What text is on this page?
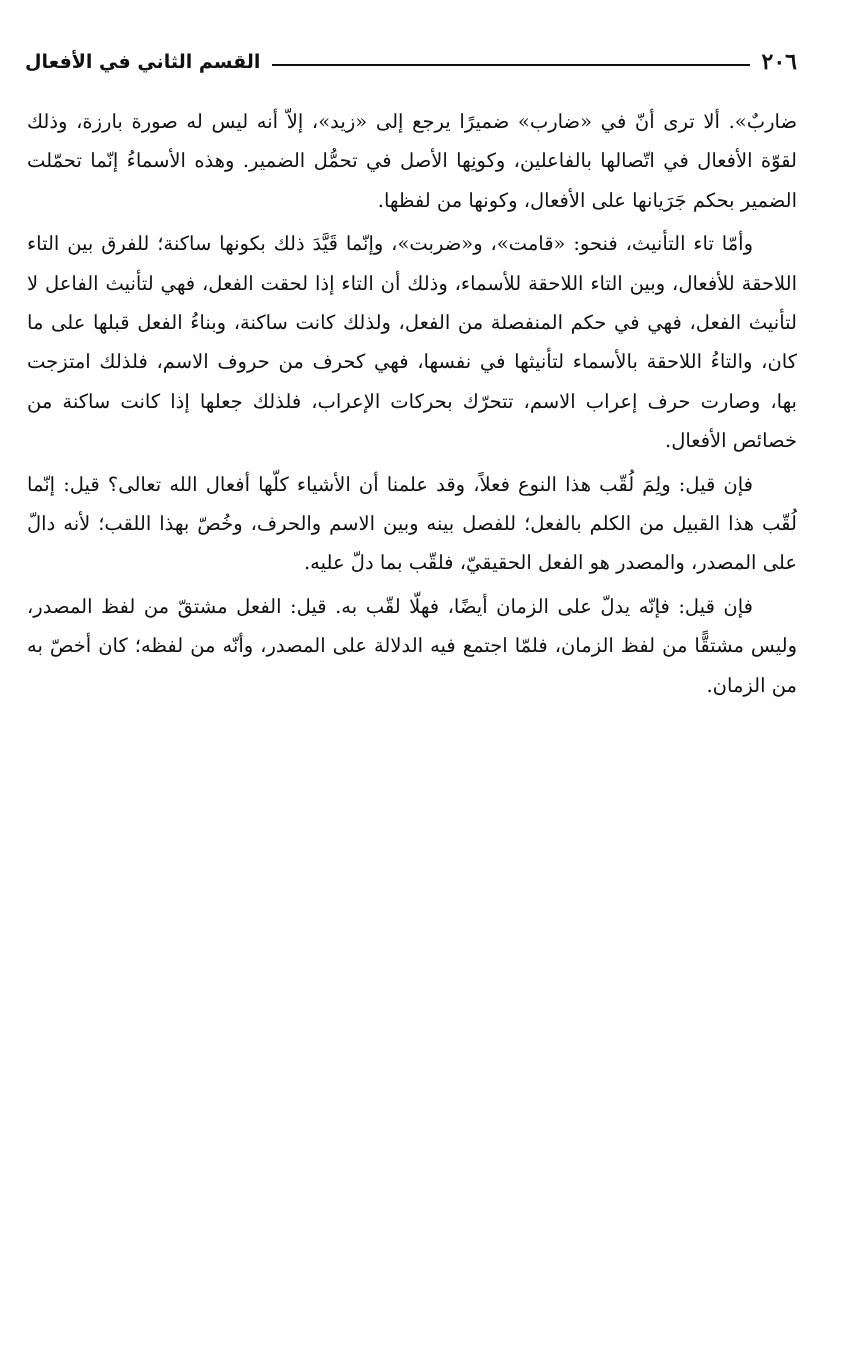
٢٠٦
القسم الثاني في الأفعال

ضاربٌ». ألا ترى أنّ في «ضارب» ضميرًا يرجع إلى «زيد»، إلاّ أنه ليس له صورة بارزة، وذلك لقوّة الأفعال في اتّصالها بالفاعلين، وكونِها الأصل في تحمُّل الضمير. وهذه الأسماءُ إنّما تحمّلت الضمير بحكم جَرَيانها على الأفعال، وكونها من لفظها.

وأمّا تاء التأنيث، فنحو: «قامت»، و«ضربت»، وإنّما قَيَّدَ ذلك بكونها ساكنة؛ للفرق بين التاء اللاحقة للأفعال، وبين التاء اللاحقة للأسماء، وذلك أن التاء إذا لحقت الفعل، فهي لتأنيث الفاعل لا لتأنيث الفعل، فهي في حكم المنفصلة من الفعل، ولذلك كانت ساكنة، وبناءُ الفعل قبلها على ما كان، والتاءُ اللاحقة بالأسماء لتأنيثها في نفسها، فهي كحرف من حروف الاسم، فلذلك امتزجت بها، وصارت حرف إعراب الاسم، تتحرّك بحركات الإعراب، فلذلك جعلها إذا كانت ساكنة من خصائص الأفعال.

فإن قيل: ولِمَ لُقّب هذا النوع فعلاً، وقد علمنا أن الأشياء كلّها أفعال الله تعالى؟ قيل: إنّما لُقّب هذا القبيل من الكلم بالفعل؛ للفصل بينه وبين الاسم والحرف، وخُصّ بهذا اللقب؛ لأنه دالّ على المصدر، والمصدر هو الفعل الحقيقيّ، فلقّب بما دلّ عليه.

فإن قيل: فإنّه يدلّ على الزمان أيضًا، فهلّا لقّب به. قيل: الفعل مشتقّ من لفظ المصدر، وليس مشتقًّا من لفظ الزمان، فلمّا اجتمع فيه الدلالة على المصدر، وأنّه من لفظه؛ كان أخصّ به من الزمان.
